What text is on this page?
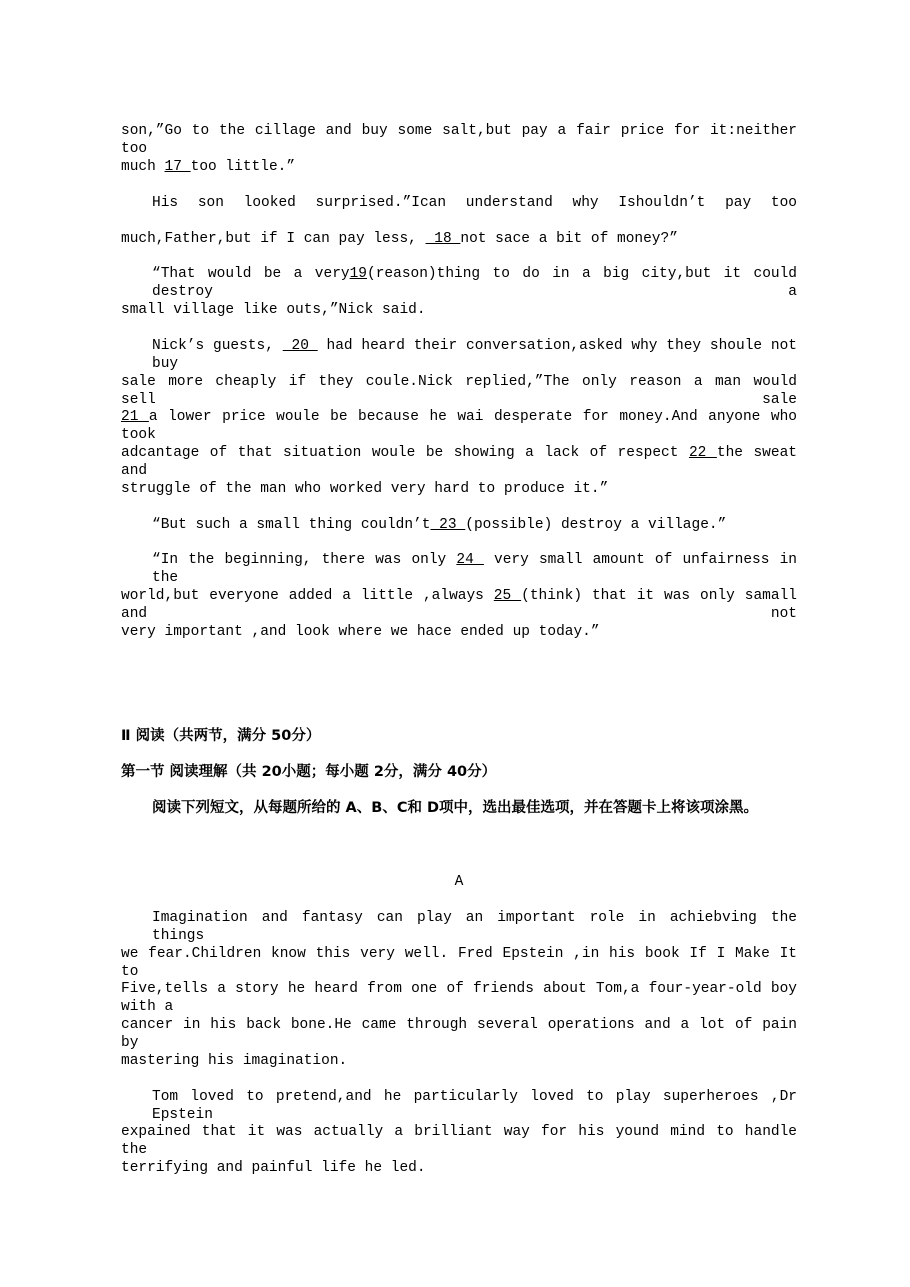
son,”Go to the cillage and buy some salt,but pay a fair price for it:neither too
much 17 too little.”
His son looked surprised.”Ican understand why Ishouldn’t pay too
much,Father,but if I can pay less,  18 not sace a bit of money?”
“That would be a very19(reason)thing to do in a big city,but it could destroy a
small village like outs,”Nick said.
Nick’s guests,  20  had heard their conversation,asked why they shoule not buy
sale more cheaply if they coule.Nick replied,”The only reason a man would sell sale
21 a lower price woule be because he wai desperate for money.And anyone who took
adcantage of that situation woule be showing a lack of respect 22 the sweat and
struggle of the man who worked very hard to produce it.”
“But such a small thing couldn’t 23 (possible) destroy a village.”
“In the beginning, there was only 24  very small amount of unfairness in the
world,but everyone added a little ,always 25 (think) that it was only samall and not
very important ,and look where we hace ended up today.”
Ⅱ 阅读（共两节，满分 50分）
第一节 阅读理解（共 20小题；每小题 2分，满分 40分）
阅读下列短文，从每题所给的 A、B、C和 D项中，选出最佳选项，并在答题卡上将该项涂黑。
A
Imagination and fantasy can play an important role in achiebving the things
we fear.Children know this very well. Fred Epstein ,in his book If I Make It to
Five,tells a story he heard from one of friends about Tom,a four-year-old boy with a
cancer in his back bone.He came through several operations and a lot of pain by
mastering his imagination.
Tom loved to pretend,and he particularly loved to play superheroes ,Dr Epstein
expained that it was actually a brilliant way for his yound mind to handle the
terrifying and painful life he led.
